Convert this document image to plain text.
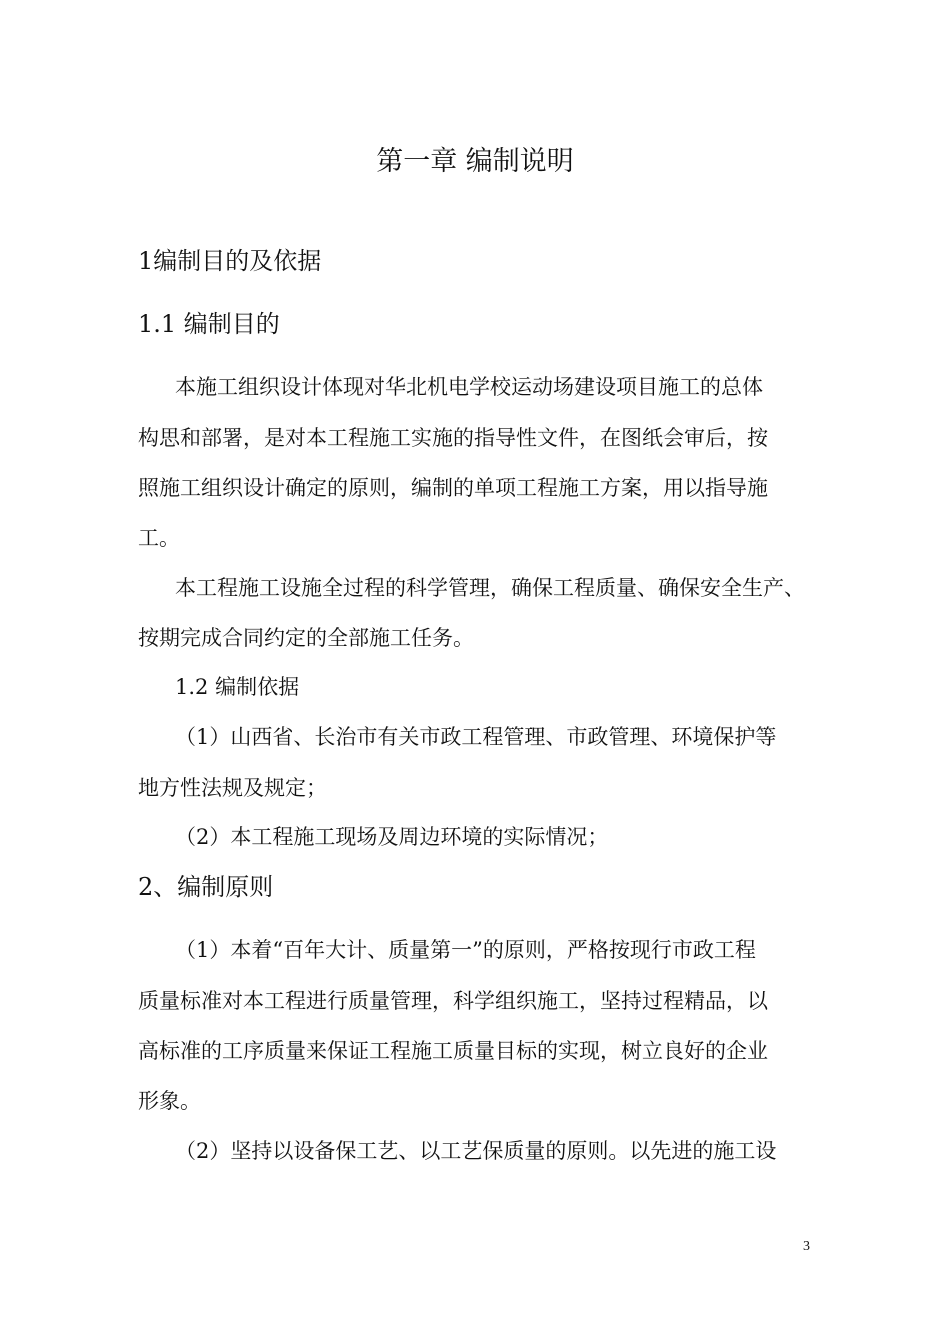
第一章 编制说明
1编制目的及依据
1.1 编制目的
本施工组织设计体现对华北机电学校运动场建设项目施工的总体
构思和部署，是对本工程施工实施的指导性文件，在图纸会审后，按
照施工组织设计确定的原则，编制的单项工程施工方案，用以指导施
工。
本工程施工设施全过程的科学管理，确保工程质量、确保安全生产、
按期完成合同约定的全部施工任务。
1.2 编制依据
（1）山西省、长治市有关市政工程管理、市政管理、环境保护等
地方性法规及规定；
（2）本工程施工现场及周边环境的实际情况；
2、编制原则
（1）本着“百年大计、质量第一”的原则，严格按现行市政工程
质量标准对本工程进行质量管理，科学组织施工，坚持过程精品，以
高标准的工序质量来保证工程施工质量目标的实现，树立良好的企业
形象。
（2）坚持以设备保工艺、以工艺保质量的原则。以先进的施工设
3
